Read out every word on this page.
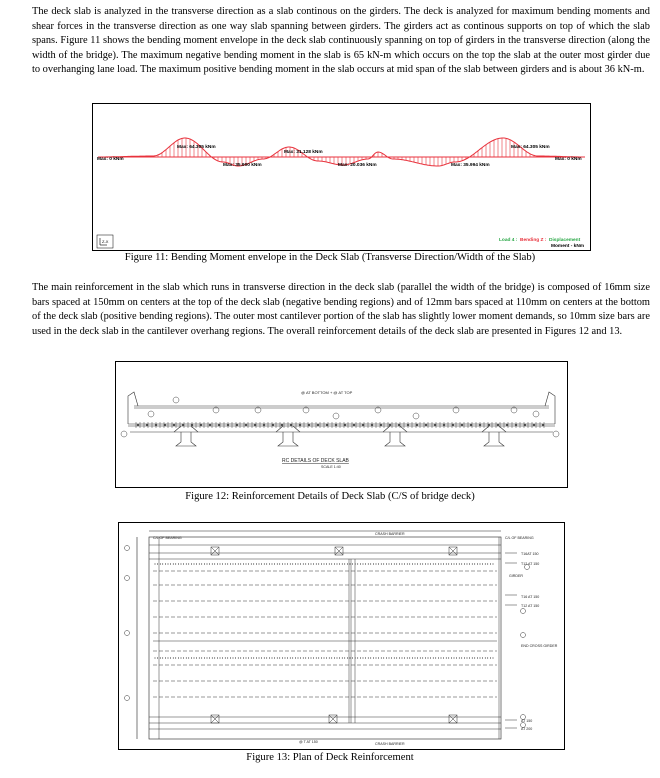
The deck slab is analyzed in the transverse direction as a slab continous on the girders. The deck is analyzed for maximum bending moments and shear forces in the transverse direction as one way slab spanning between girders. The girders act as continous supports on top of which the slab spans. Figure 11 shows the bending moment envelope in the deck slab continuously spanning on top of girders in the transverse direction (along the width of the bridge). The maximum negative bending moment in the slab is 65 kN-m which occurs on the top the slab at the outer most girder due to overhanging lane load. The maximum positive bending moment in the slab occurs at mid span of the slab between girders and is about 36 kN-m.

Max: 0 kNm	Max: 0 kNm
Max: 64.305 kNm
Max: 31.128 kNm
Max: 64.305 kNm
Max: 35.900 kNm	Max: 20.036 kNm	Max: 35.994 kNm
Load 4 : Bending Z : Displacement
Moment - kNm
Z-X
Figure 11: Bending Moment envelope in the Deck Slab (Transverse Direction/Width of the Slab)

The main reinforcement in the slab which runs in transverse direction in the deck slab (parallel the width of the bridge) is composed of 16mm size bars spaced at 150mm on centers at the top of the deck slab (negative bending regions) and of 12mm bars spaced at 110mm on centers at the bottom of the deck slab (positive bending regions). The outer most cantilever portion of the slab has slightly lower moment demands, so 10mm size bars are used in the deck slab in the cantilever overhang regions. The overall reinforcement details of the deck slab are presented in Figures 12 and 13.

@ AT BOTTOM + @ AT TOP
RC DETAILS OF DECK SLAB
SCALE 1:40
Figure 12: Reinforcement Details of Deck Slab (C/S of bridge deck)
C/L OF BEARING	C/L OF BEARING
CRASH BARRIER
CRASH BARRIER
GIRDER
END CROSS GIRDER
@ T AT 150
T16AT 150
T12 AT 150
T16 AT 150
T12 AT 150
AT 150
AT 200
Figure 13: Plan of Deck Reinforcement
